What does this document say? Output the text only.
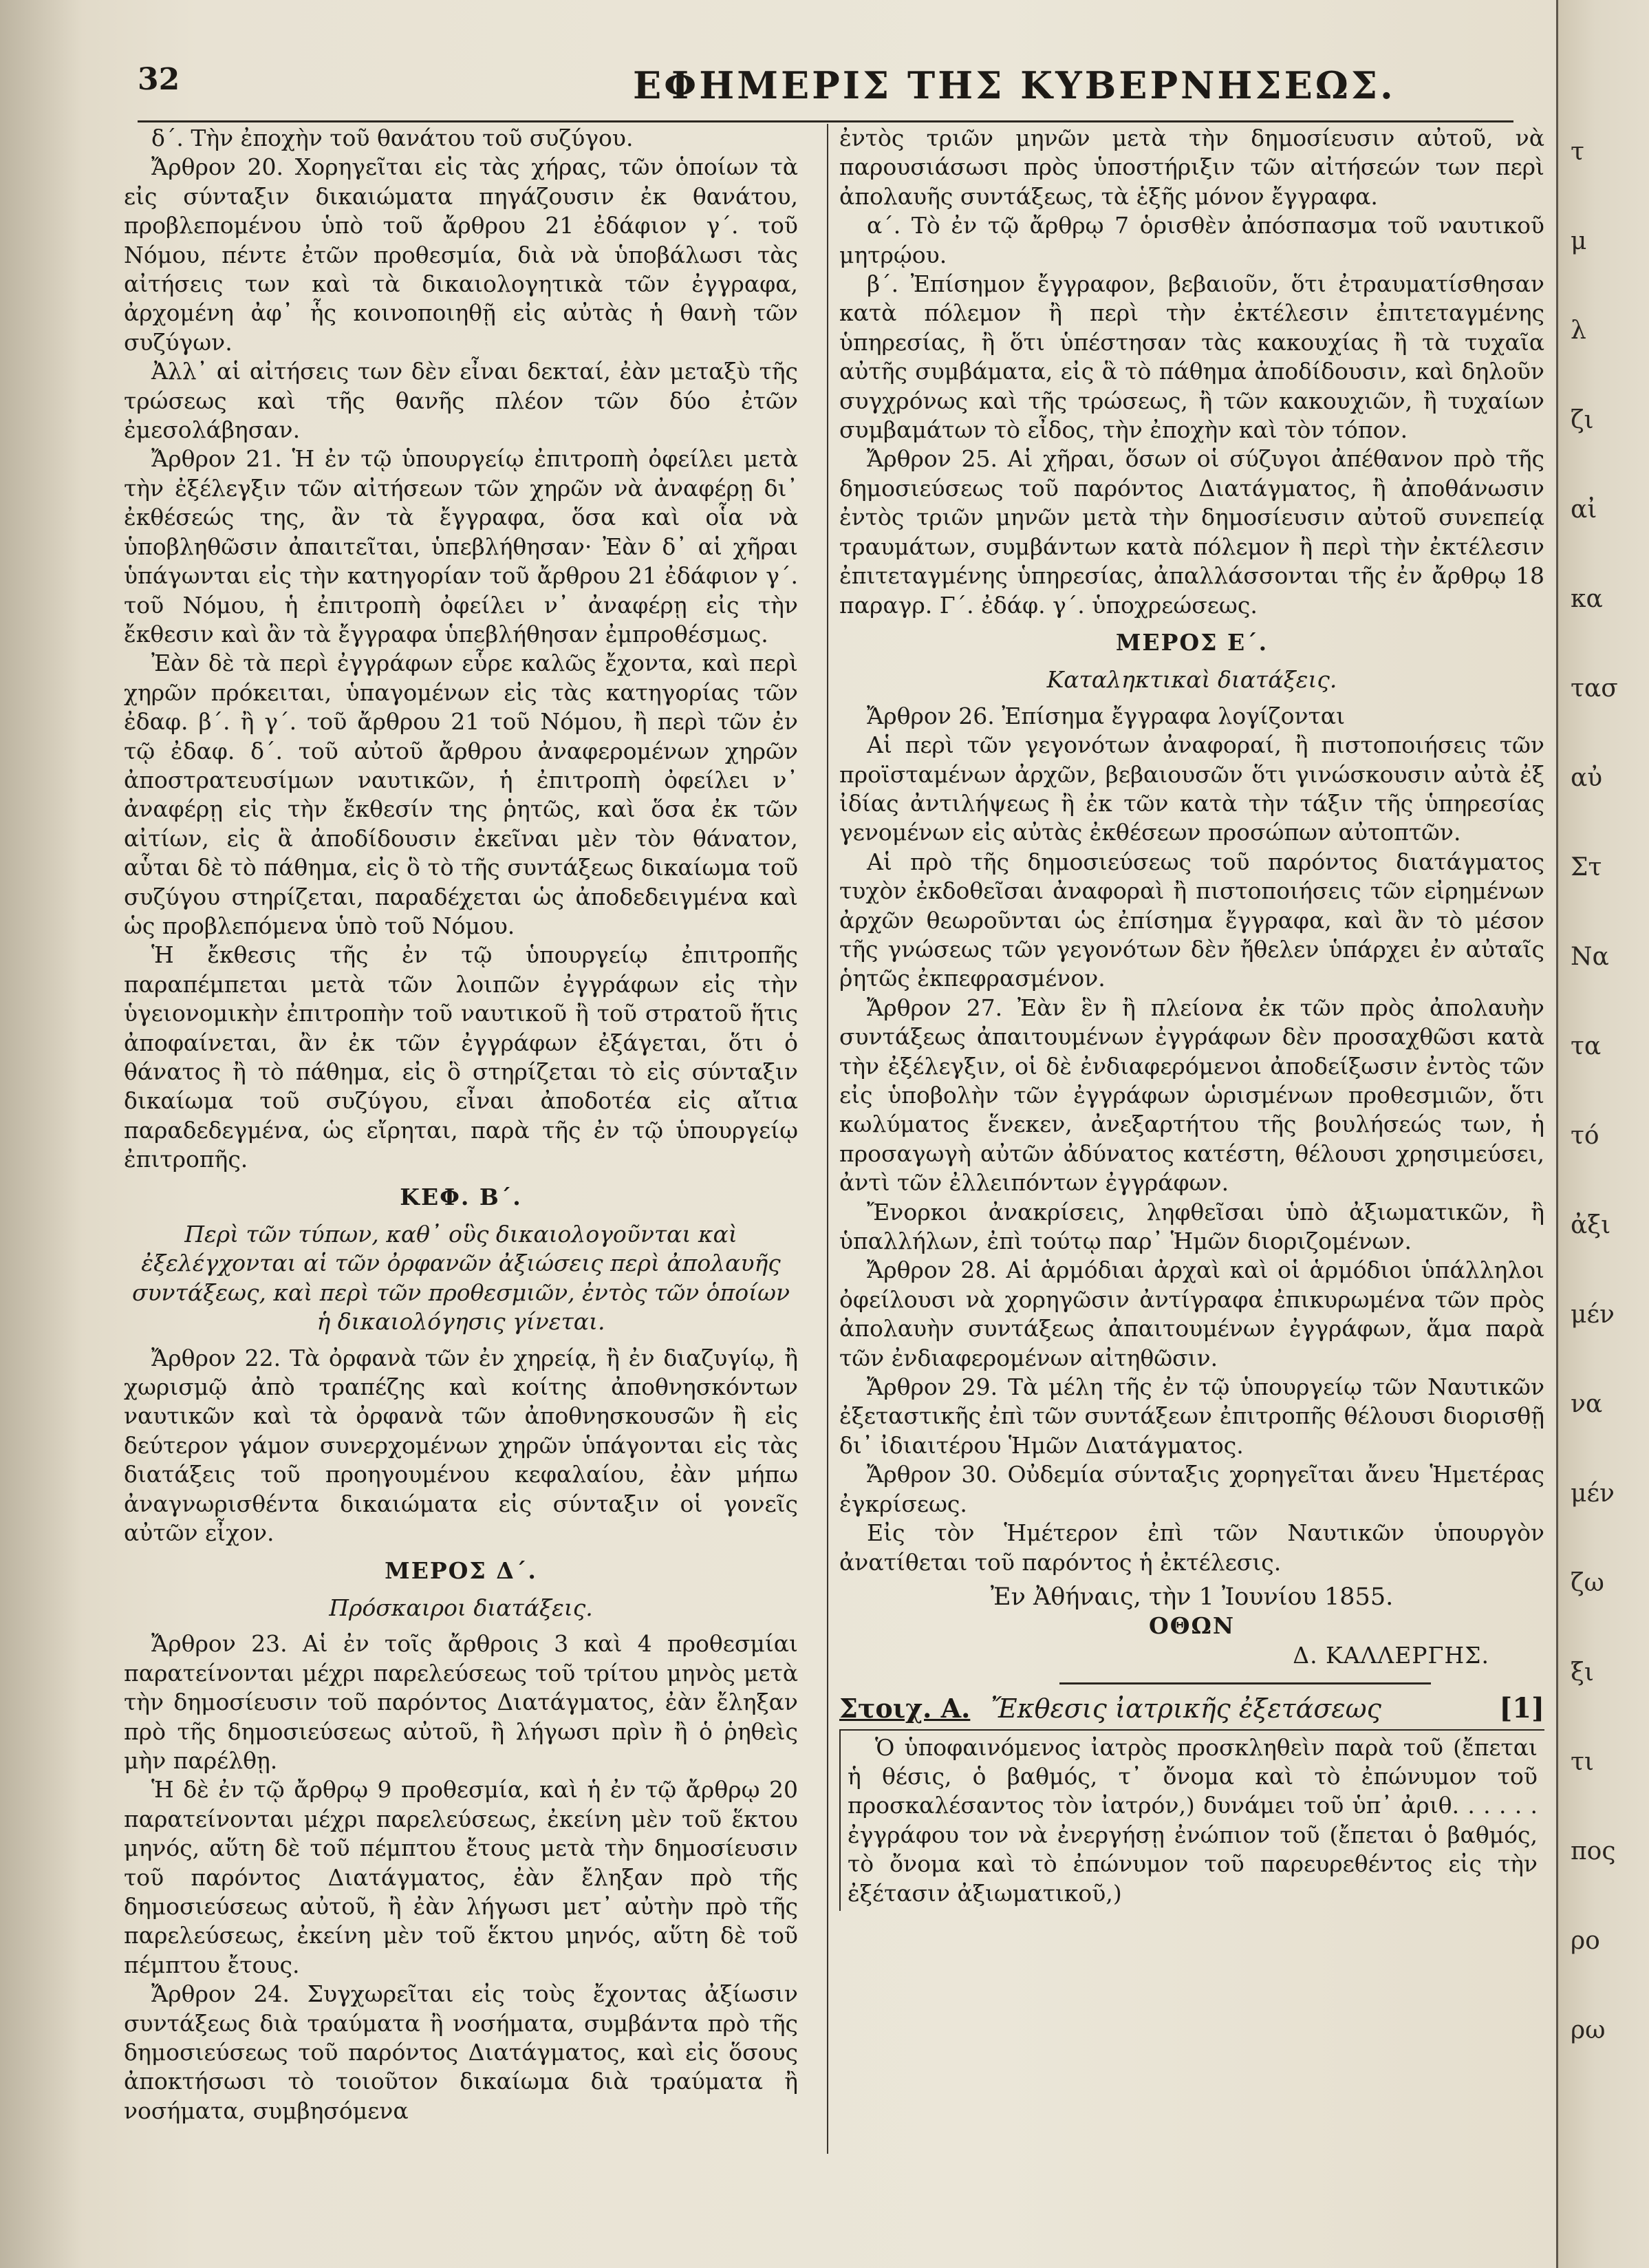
32	ΕΦΗΜΕΡΙΣ ΤΗΣ ΚΥΒΕΡΝΗΣΕΩΣ.

δ΄. Τὴν ἐποχὴν τοῦ θανάτου τοῦ συζύγου.

Ἄρθρον 20. Χορηγεῖται εἰς τὰς χήρας, τῶν ὁποίων τὰ εἰς σύνταξιν δικαιώματα πηγάζουσιν ἐκ θανάτου, προβλεπομένου ὑπὸ τοῦ ἄρθρου 21 ἐδάφιον γ΄. τοῦ Νόμου, πέντε ἐτῶν προθεσμία, διὰ νὰ ὑποβάλωσι τὰς αἰτήσεις των καὶ τὰ δικαιολογητικὰ τῶν ἐγγραφα, ἀρχομένη ἀφ᾽ ἧς κοινοποιηθῇ εἰς αὐτὰς ἡ θανὴ τῶν συζύγων.

Ἀλλ᾽ αἱ αἰτήσεις των δὲν εἶναι δεκταί, ἐὰν μεταξὺ τῆς τρώσεως καὶ τῆς θανῆς πλέον τῶν δύο ἐτῶν ἐμεσολάβησαν.

Ἄρθρον 21. Ἡ ἐν τῷ ὑπουργείῳ ἐπιτροπὴ ὀφείλει μετὰ τὴν ἐξέλεγξιν τῶν αἰτήσεων τῶν χηρῶν νὰ ἀναφέρῃ δι᾽ ἐκθέσεώς της, ἂν τὰ ἔγγραφα, ὅσα καὶ οἷα νὰ ὑποβληθῶσιν ἀπαιτεῖται, ὑπεβλήθησαν· Ἐὰν δ᾽ αἱ χῆραι ὑπάγωνται εἰς τὴν κατηγορίαν τοῦ ἄρθρου 21 ἐδάφιον γ΄. τοῦ Νόμου, ἡ ἐπιτροπὴ ὀφείλει ν᾽ ἀναφέρῃ εἰς τὴν ἔκθεσιν καὶ ἂν τὰ ἔγγραφα ὑπεβλήθησαν ἐμπροθέσμως.

Ἐὰν δὲ τὰ περὶ ἐγγράφων εὗρε καλῶς ἔχοντα, καὶ περὶ χηρῶν πρόκειται, ὑπαγομένων εἰς τὰς κατηγορίας τῶν ἐδαφ. β΄. ἢ γ΄. τοῦ ἄρθρου 21 τοῦ Νόμου, ἢ περὶ τῶν ἐν τῷ ἐδαφ. δ΄. τοῦ αὐτοῦ ἄρθρου ἀναφερομένων χηρῶν ἀποστρατευσίμων ναυτικῶν, ἡ ἐπιτροπὴ ὀφείλει ν᾽ ἀναφέρῃ εἰς τὴν ἔκθεσίν της ῥητῶς, καὶ ὅσα ἐκ τῶν αἰτίων, εἰς ἃ ἀποδίδουσιν ἐκεῖναι μὲν τὸν θάνατον, αὗται δὲ τὸ πάθημα, εἰς ὃ τὸ τῆς συντάξεως δικαίωμα τοῦ συζύγου στηρίζεται, παραδέχεται ὡς ἀποδεδειγμένα καὶ ὡς προβλεπόμενα ὑπὸ τοῦ Νόμου.

Ἡ ἔκθεσις τῆς ἐν τῷ ὑπουργείῳ ἐπιτροπῆς παραπέμπεται μετὰ τῶν λοιπῶν ἐγγράφων εἰς τὴν ὑγειονομικὴν ἐπιτροπὴν τοῦ ναυτικοῦ ἢ τοῦ στρατοῦ ἥτις ἀποφαίνεται, ἂν ἐκ τῶν ἐγγράφων ἐξάγεται, ὅτι ὁ θάνατος ἢ τὸ πάθημα, εἰς ὃ στηρίζεται τὸ εἰς σύνταξιν δικαίωμα τοῦ συζύγου, εἶναι ἀποδοτέα εἰς αἴτια παραδεδεγμένα, ὡς εἴρηται, παρὰ τῆς ἐν τῷ ὑπουργείῳ ἐπιτροπῆς.

ΚΕΦ. Β΄.

Περὶ τῶν τύπων, καθ᾽ οὓς δικαιολογοῦνται καὶ ἐξελέγχονται αἱ τῶν ὀρφανῶν ἀξιώσεις περὶ ἀπολαυῆς συντάξεως, καὶ περὶ τῶν προθεσμιῶν, ἐντὸς τῶν ὁποίων ἡ δικαιολόγησις γίνεται.

Ἄρθρον 22. Τὰ ὀρφανὰ τῶν ἐν χηρείᾳ, ἢ ἐν διαζυγίῳ, ἢ χωρισμῷ ἀπὸ τραπέζης καὶ κοίτης ἀποθνησκόντων ναυτικῶν καὶ τὰ ὀρφανὰ τῶν ἀποθνησκουσῶν ἢ εἰς δεύτερον γάμον συνερχομένων χηρῶν ὑπάγονται εἰς τὰς διατάξεις τοῦ προηγουμένου κεφαλαίου, ἐὰν μήπω ἀναγνωρισθέντα δικαιώματα εἰς σύνταξιν οἱ γονεῖς αὐτῶν εἶχον.

ΜΕΡΟΣ Δ΄.

Πρόσκαιροι διατάξεις.

Ἄρθρον 23. Αἱ ἐν τοῖς ἄρθροις 3 καὶ 4 προθεσμίαι παρατείνονται μέχρι παρελεύσεως τοῦ τρίτου μηνὸς μετὰ τὴν δημοσίευσιν τοῦ παρόντος Διατάγματος, ἐὰν ἔληξαν πρὸ τῆς δημοσιεύσεως αὐτοῦ, ἢ λήγωσι πρὶν ἢ ὁ ῥηθεὶς μὴν παρέλθῃ.

Ἡ δὲ ἐν τῷ ἄρθρῳ 9 προθεσμία, καὶ ἡ ἐν τῷ ἄρθρῳ 20 παρατείνονται μέχρι παρελεύσεως, ἐκείνη μὲν τοῦ ἕκτου μηνός, αὕτη δὲ τοῦ πέμπτου ἔτους μετὰ τὴν δημοσίευσιν τοῦ παρόντος Διατάγματος, ἐὰν ἔληξαν πρὸ τῆς δημοσιεύσεως αὐτοῦ, ἢ ἐὰν λήγωσι μετ᾽ αὐτὴν πρὸ τῆς παρελεύσεως, ἐκείνη μὲν τοῦ ἕκτου μηνός, αὕτη δὲ τοῦ πέμπτου ἔτους.

Ἄρθρον 24. Συγχωρεῖται εἰς τοὺς ἔχοντας ἀξίωσιν συντάξεως διὰ τραύματα ἢ νοσήματα, συμβάντα πρὸ τῆς δημοσιεύσεως τοῦ παρόντος Διατάγματος, καὶ εἰς ὅσους ἀποκτήσωσι τὸ τοιοῦτον δικαίωμα διὰ τραύματα ἢ νοσήματα, συμβησόμενα

ἐντὸς τριῶν μηνῶν μετὰ τὴν δημοσίευσιν αὐτοῦ, νὰ παρουσιάσωσι πρὸς ὑποστήριξιν τῶν αἰτήσεών των περὶ ἀπολαυῆς συντάξεως, τὰ ἑξῆς μόνον ἔγγραφα.

α΄. Τὸ ἐν τῷ ἄρθρῳ 7 ὁρισθὲν ἀπόσπασμα τοῦ ναυτικοῦ μητρῴου.

β΄. Ἐπίσημον ἔγγραφον, βεβαιοῦν, ὅτι ἐτραυματίσθησαν κατὰ πόλεμον ἢ περὶ τὴν ἐκτέλεσιν ἐπιτεταγμένης ὑπηρεσίας, ἢ ὅτι ὑπέστησαν τὰς κακουχίας ἢ τὰ τυχαῖα αὐτῆς συμβάματα, εἰς ἃ τὸ πάθημα ἀποδίδουσιν, καὶ δηλοῦν συγχρόνως καὶ τῆς τρώσεως, ἢ τῶν κακουχιῶν, ἢ τυχαίων συμβαμάτων τὸ εἶδος, τὴν ἐποχὴν καὶ τὸν τόπον.

Ἄρθρον 25. Αἱ χῆραι, ὅσων οἱ σύζυγοι ἀπέθανον πρὸ τῆς δημοσιεύσεως τοῦ παρόντος Διατάγματος, ἢ ἀποθάνωσιν ἐντὸς τριῶν μηνῶν μετὰ τὴν δημοσίευσιν αὐτοῦ συνεπείᾳ τραυμάτων, συμβάντων κατὰ πόλεμον ἢ περὶ τὴν ἐκτέλεσιν ἐπιτεταγμένης ὑπηρεσίας, ἀπαλλάσσονται τῆς ἐν ἄρθρῳ 18 παραγρ. Γ΄. ἐδάφ. γ΄. ὑποχρεώσεως.

ΜΕΡΟΣ Ε΄.

Καταληκτικαὶ διατάξεις.

Ἄρθρον 26. Ἐπίσημα ἔγγραφα λογίζονται

Αἱ περὶ τῶν γεγονότων ἀναφοραί, ἢ πιστοποιήσεις τῶν προϊσταμένων ἀρχῶν, βεβαιουσῶν ὅτι γινώσκουσιν αὐτὰ ἐξ ἰδίας ἀντιλήψεως ἢ ἐκ τῶν κατὰ τὴν τάξιν τῆς ὑπηρεσίας γενομένων εἰς αὐτὰς ἐκθέσεων προσώπων αὐτοπτῶν.

Αἱ πρὸ τῆς δημοσιεύσεως τοῦ παρόντος διατάγματος τυχὸν ἐκδοθεῖσαι ἀναφοραὶ ἢ πιστοποιήσεις τῶν εἰρημένων ἀρχῶν θεωροῦνται ὡς ἐπίσημα ἔγγραφα, καὶ ἂν τὸ μέσον τῆς γνώσεως τῶν γεγονότων δὲν ἤθελεν ὑπάρχει ἐν αὐταῖς ῥητῶς ἐκπεφρασμένον.

Ἄρθρον 27. Ἐὰν ἓν ἢ πλείονα ἐκ τῶν πρὸς ἀπολαυὴν συντάξεως ἀπαιτουμένων ἐγγράφων δὲν προσαχθῶσι κατὰ τὴν ἐξέλεγξιν, οἱ δὲ ἐνδιαφερόμενοι ἀποδείξωσιν ἐντὸς τῶν εἰς ὑποβολὴν τῶν ἐγγράφων ὡρισμένων προθεσμιῶν, ὅτι κωλύματος ἕνεκεν, ἀνεξαρτήτου τῆς βουλήσεώς των, ἡ προσαγωγὴ αὐτῶν ἀδύνατος κατέστη, θέλουσι χρησιμεύσει, ἀντὶ τῶν ἐλλειπόντων ἐγγράφων.

Ἔνορκοι ἀνακρίσεις, ληφθεῖσαι ὑπὸ ἀξιωματικῶν, ἢ ὑπαλλήλων, ἐπὶ τούτῳ παρ᾽ Ἡμῶν διοριζομένων.

Ἄρθρον 28. Αἱ ἁρμόδιαι ἀρχαὶ καὶ οἱ ἁρμόδιοι ὑπάλληλοι ὀφείλουσι νὰ χορηγῶσιν ἀντίγραφα ἐπικυρωμένα τῶν πρὸς ἀπολαυὴν συντάξεως ἀπαιτουμένων ἐγγράφων, ἅμα παρὰ τῶν ἐνδιαφερομένων αἰτηθῶσιν.

Ἄρθρον 29. Τὰ μέλη τῆς ἐν τῷ ὑπουργείῳ τῶν Ναυτικῶν ἐξεταστικῆς ἐπὶ τῶν συντάξεων ἐπιτροπῆς θέλουσι διορισθῇ δι᾽ ἰδιαιτέρου Ἡμῶν Διατάγματος.

Ἄρθρον 30. Οὐδεμία σύνταξις χορηγεῖται ἄνευ Ἡμετέρας ἐγκρίσεως.

Εἰς τὸν Ἡμέτερον ἐπὶ τῶν Ναυτικῶν ὑπουργὸν ἀνατίθεται τοῦ παρόντος ἡ ἐκτέλεσις.

Ἐν Ἀθήναις, τὴν 1 Ἰουνίου 1855.

ΟΘΩΝ

Δ. ΚΑΛΛΕΡΓΗΣ.

Στοιχ. Α. Ἔκθεσις ἰατρικῆς ἐξετάσεως	[1]

Ὁ ὑποφαινόμενος ἰατρὸς προσκληθεὶν παρὰ τοῦ (ἔπεται ἡ θέσις, ὁ βαθμός, τ᾽ ὄνομα καὶ τὸ ἐπώνυμον τοῦ προσκαλέσαντος τὸν ἰατρόν,) δυνάμει τοῦ ὑπ᾽ ἀριθ. . . . . . ἐγγράφου τον νὰ ἐνεργήσῃ ἐνώπιον τοῦ (ἔπεται ὁ βαθμός, τὸ ὄνομα καὶ τὸ ἐπώνυμον τοῦ παρευρεθέντος εἰς τὴν ἐξέτασιν ἀξιωματικοῦ,)

τ
μ
λ
ζι
αἰ
κα
τασ
αὐ
Στ
Να
τα
τό
ἀξι
μέν
να
μέν
ζω
ξι
τι
πος
ρο
ρω
